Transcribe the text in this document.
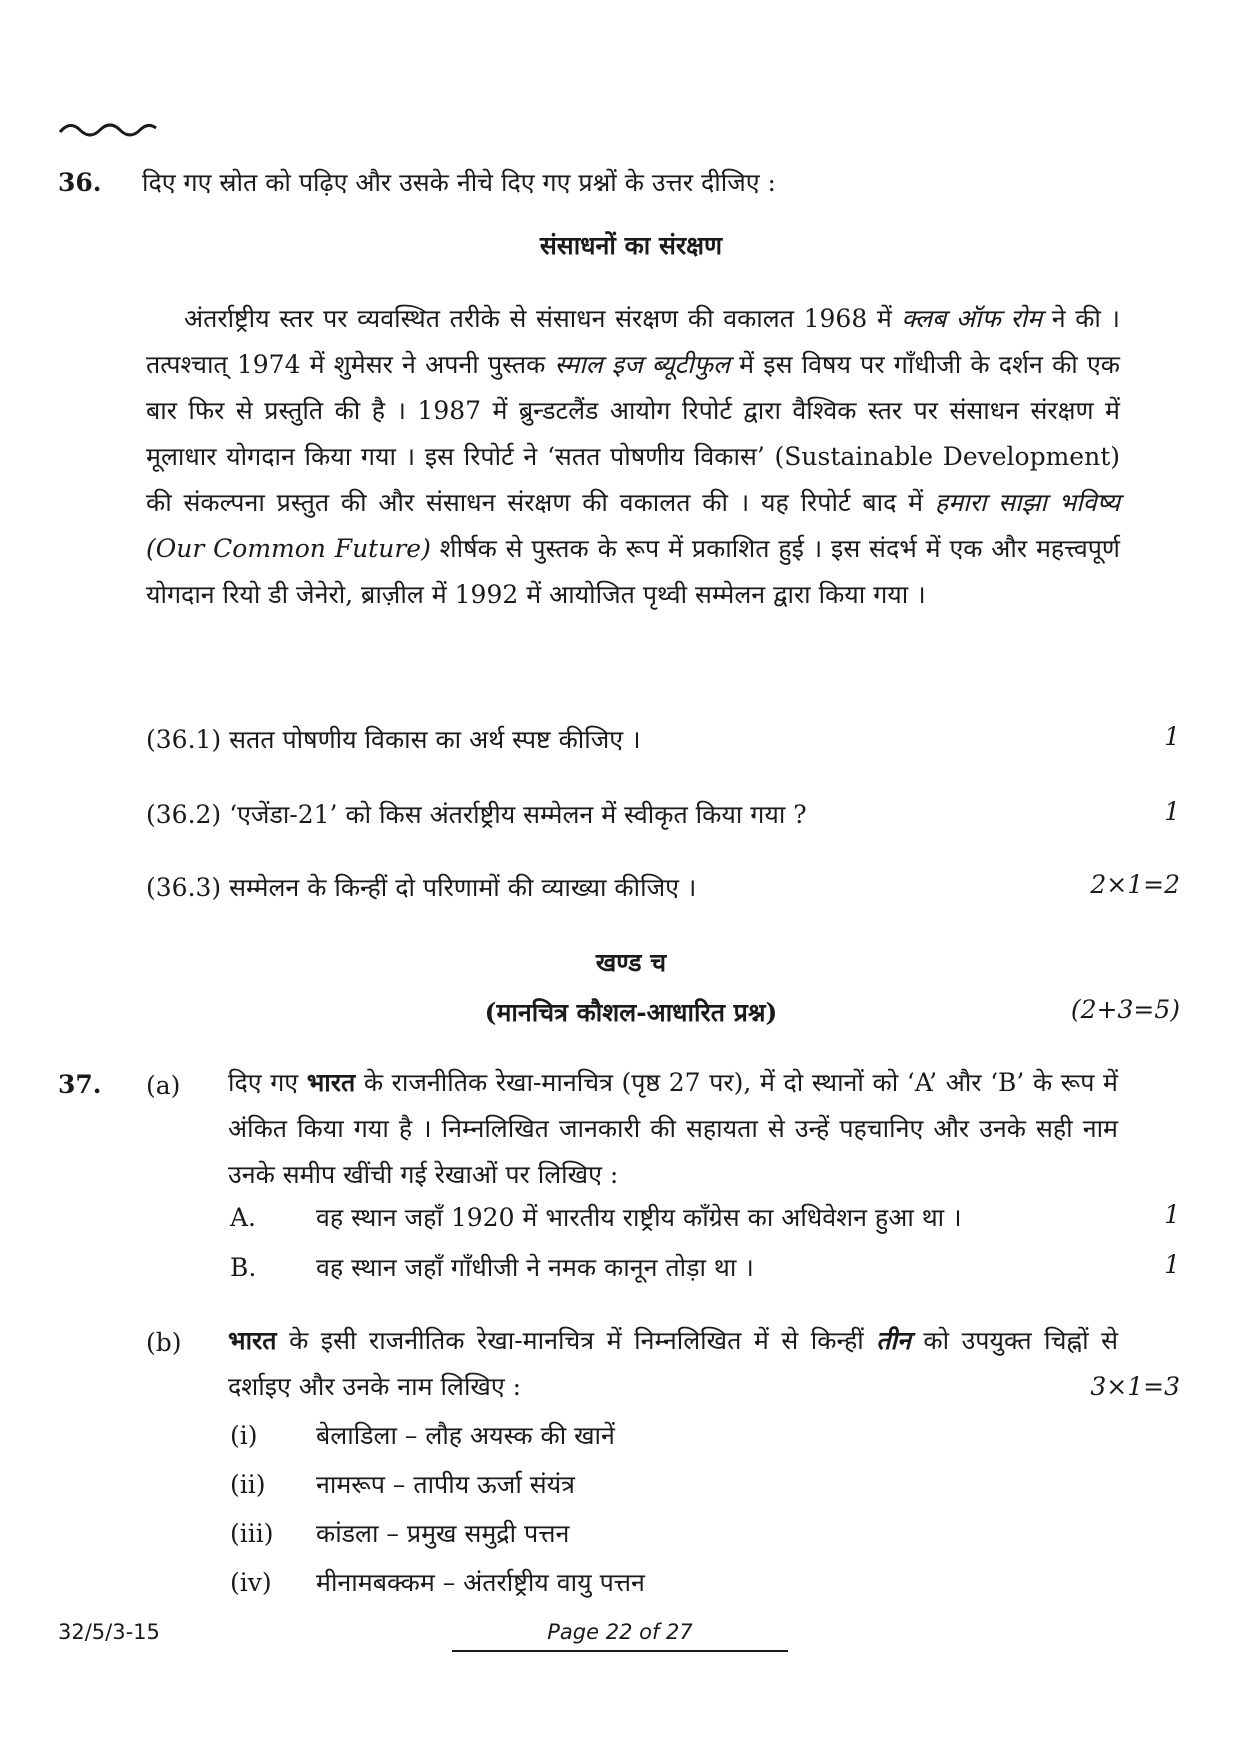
36. दिए गए स्रोत को पढ़िए और उसके नीचे दिए गए प्रश्नों के उत्तर दीजिए :
संसाधनों का संरक्षण
अंतर्राष्ट्रीय स्तर पर व्यवस्थित तरीके से संसाधन संरक्षण की वकालत 1968 में क्लब ऑफ रोम ने की । तत्पश्चात् 1974 में शुमेसर ने अपनी पुस्तक स्माल इज ब्यूटीफुल में इस विषय पर गाँधीजी के दर्शन की एक बार फिर से प्रस्तुति की है । 1987 में ब्रुन्डटलैंड आयोग रिपोर्ट द्वारा वैश्विक स्तर पर संसाधन संरक्षण में मूलाधार योगदान किया गया । इस रिपोर्ट ने ‘सतत पोषणीय विकास’ (Sustainable Development) की संकल्पना प्रस्तुत की और संसाधन संरक्षण की वकालत की । यह रिपोर्ट बाद में हमारा साझा भविष्य (Our Common Future) शीर्षक से पुस्तक के रूप में प्रकाशित हुई । इस संदर्भ में एक और महत्त्वपूर्ण योगदान रियो डी जेनेरो, ब्राज़ील में 1992 में आयोजित पृथ्वी सम्मेलन द्वारा किया गया ।
(36.1) सतत पोषणीय विकास का अर्थ स्पष्ट कीजिए ।	1
(36.2) ‘एजेंडा-21’ को किस अंतर्राष्ट्रीय सम्मेलन में स्वीकृत किया गया ?	1
(36.3) सम्मेलन के किन्हीं दो परिणामों की व्याख्या कीजिए ।	2×1=2
खण्ड च
(मानचित्र कौशल-आधारित प्रश्न)	(2+3=5)
37. (a) दिए गए भारत के राजनीतिक रेखा-मानचित्र (पृष्ठ 27 पर), में दो स्थानों को ‘A’ और ‘B’ के रूप में अंकित किया गया है । निम्नलिखित जानकारी की सहायता से उन्हें पहचानिए और उनके सही नाम उनके समीप खींची गई रेखाओं पर लिखिए :
A. वह स्थान जहाँ 1920 में भारतीय राष्ट्रीय काँग्रेस का अधिवेशन हुआ था ।	1
B. वह स्थान जहाँ गाँधीजी ने नमक कानून तोड़ा था ।	1
(b) भारत के इसी राजनीतिक रेखा-मानचित्र में निम्नलिखित में से किन्हीं तीन को उपयुक्त चिह्नों से दर्शाइए और उनके नाम लिखिए :	3×1=3
(i) बेलाडिला – लौह अयस्क की खानें
(ii) नामरूप – तापीय ऊर्जा संयंत्र
(iii) कांडला – प्रमुख समुद्री पत्तन
(iv) मीनामबक्कम – अंतर्राष्ट्रीय वायु पत्तन
32/5/3-15	Page 22 of 27
